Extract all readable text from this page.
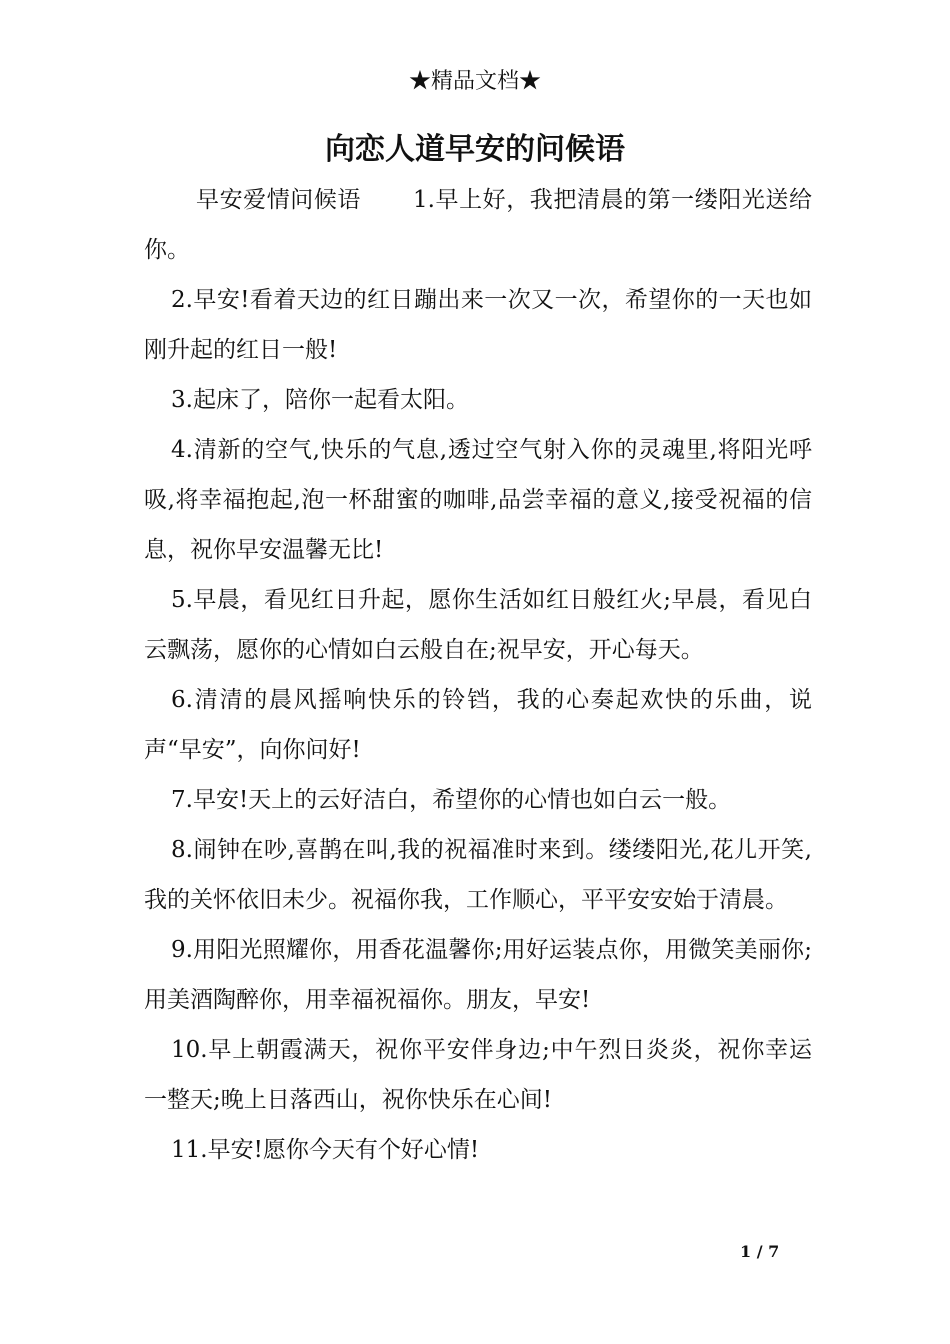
★精品文档★
向恋人道早安的问候语

早安爱情问候语 1.早上好，我把清晨的第一缕阳光送给你。

2.早安!看着天边的红日蹦出来一次又一次，希望你的一天也如刚升起的红日一般!

3.起床了，陪你一起看太阳。

4.清新的空气,快乐的气息,透过空气射入你的灵魂里,将阳光呼吸,将幸福抱起,泡一杯甜蜜的咖啡,品尝幸福的意义,接受祝福的信息，祝你早安温馨无比!

5.早晨，看见红日升起，愿你生活如红日般红火;早晨，看见白云飘荡，愿你的心情如白云般自在;祝早安，开心每天。

6.清清的晨风摇响快乐的铃铛，我的心奏起欢快的乐曲，说声“早安”，向你问好!

7.早安!天上的云好洁白，希望你的心情也如白云一般。

8.闹钟在吵,喜鹊在叫,我的祝福准时来到。缕缕阳光,花儿开笑,我的关怀依旧未少。祝福你我，工作顺心，平平安安始于清晨。

9.用阳光照耀你，用香花温馨你;用好运装点你，用微笑美丽你;用美酒陶醉你，用幸福祝福你。朋友，早安!

10.早上朝霞满天，祝你平安伴身边;中午烈日炎炎，祝你幸运一整天;晚上日落西山，祝你快乐在心间!

11.早安!愿你今天有个好心情!

1 / 7
